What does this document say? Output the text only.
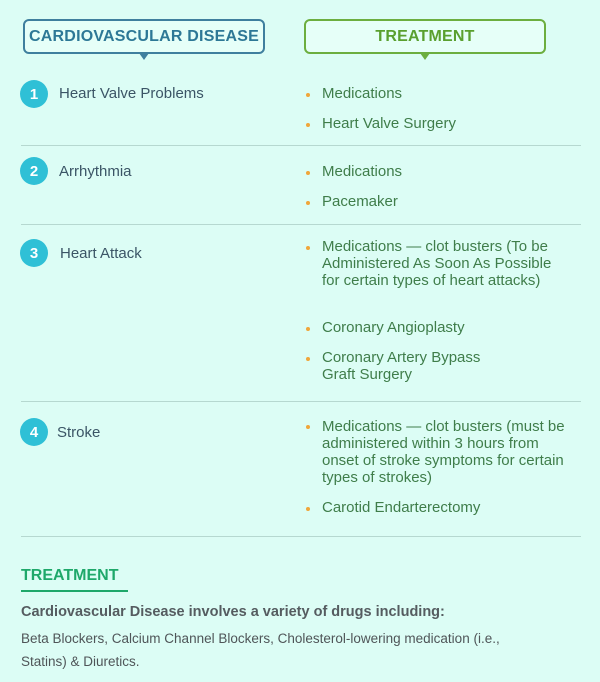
CARDIOVASCULAR DISEASE	TREATMENT
1	Heart Valve Problems	Medications
Heart Valve Surgery
2	Arrhythmia	Medications
Pacemaker
3	Heart Attack	Medications — clot busters (To be Administered As Soon As Possible for certain types of heart attacks)
Coronary Angioplasty
Coronary Artery Bypass Graft Surgery
4	Stroke	Medications — clot busters (must be administered within 3 hours from onset of stroke symptoms for certain types of strokes)
Carotid Endarterectomy
TREATMENT
Cardiovascular Disease involves a variety of drugs including:
Beta Blockers, Calcium Channel Blockers, Cholesterol-lowering medication (i.e., Statins) & Diuretics.
